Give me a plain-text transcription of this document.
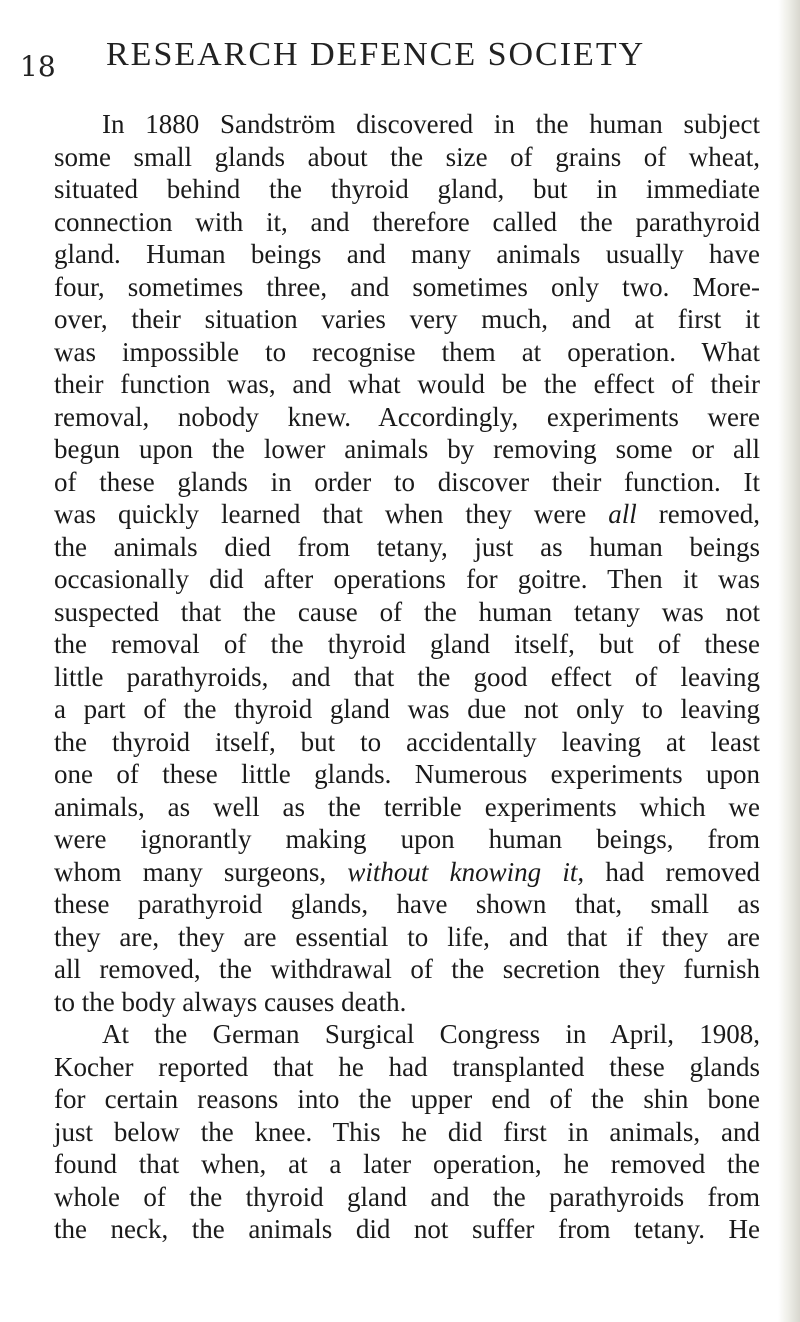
18 RESEARCH DEFENCE SOCIETY
In 1880 Sandström discovered in the human subject
some small glands about the size of grains of wheat,
situated behind the thyroid gland, but in immediate
connection with it, and therefore called the parathyroid
gland. Human beings and many animals usually have
four, sometimes three, and sometimes only two. More-
over, their situation varies very much, and at first it
was impossible to recognise them at operation. What
their function was, and what would be the effect of their
removal, nobody knew. Accordingly, experiments were
begun upon the lower animals by removing some or all
of these glands in order to discover their function. It
was quickly learned that when they were all removed,
the animals died from tetany, just as human beings
occasionally did after operations for goitre. Then it was
suspected that the cause of the human tetany was not
the removal of the thyroid gland itself, but of these
little parathyroids, and that the good effect of leaving
a part of the thyroid gland was due not only to leaving
the thyroid itself, but to accidentally leaving at least
one of these little glands. Numerous experiments upon
animals, as well as the terrible experiments which we
were ignorantly making upon human beings, from
whom many surgeons, without knowing it, had removed
these parathyroid glands, have shown that, small as
they are, they are essential to life, and that if they are
all removed, the withdrawal of the secretion they furnish
to the body always causes death.
At the German Surgical Congress in April, 1908,
Kocher reported that he had transplanted these glands
for certain reasons into the upper end of the shin bone
just below the knee. This he did first in animals, and
found that when, at a later operation, he removed the
whole of the thyroid gland and the parathyroids from
the neck, the animals did not suffer from tetany. He
